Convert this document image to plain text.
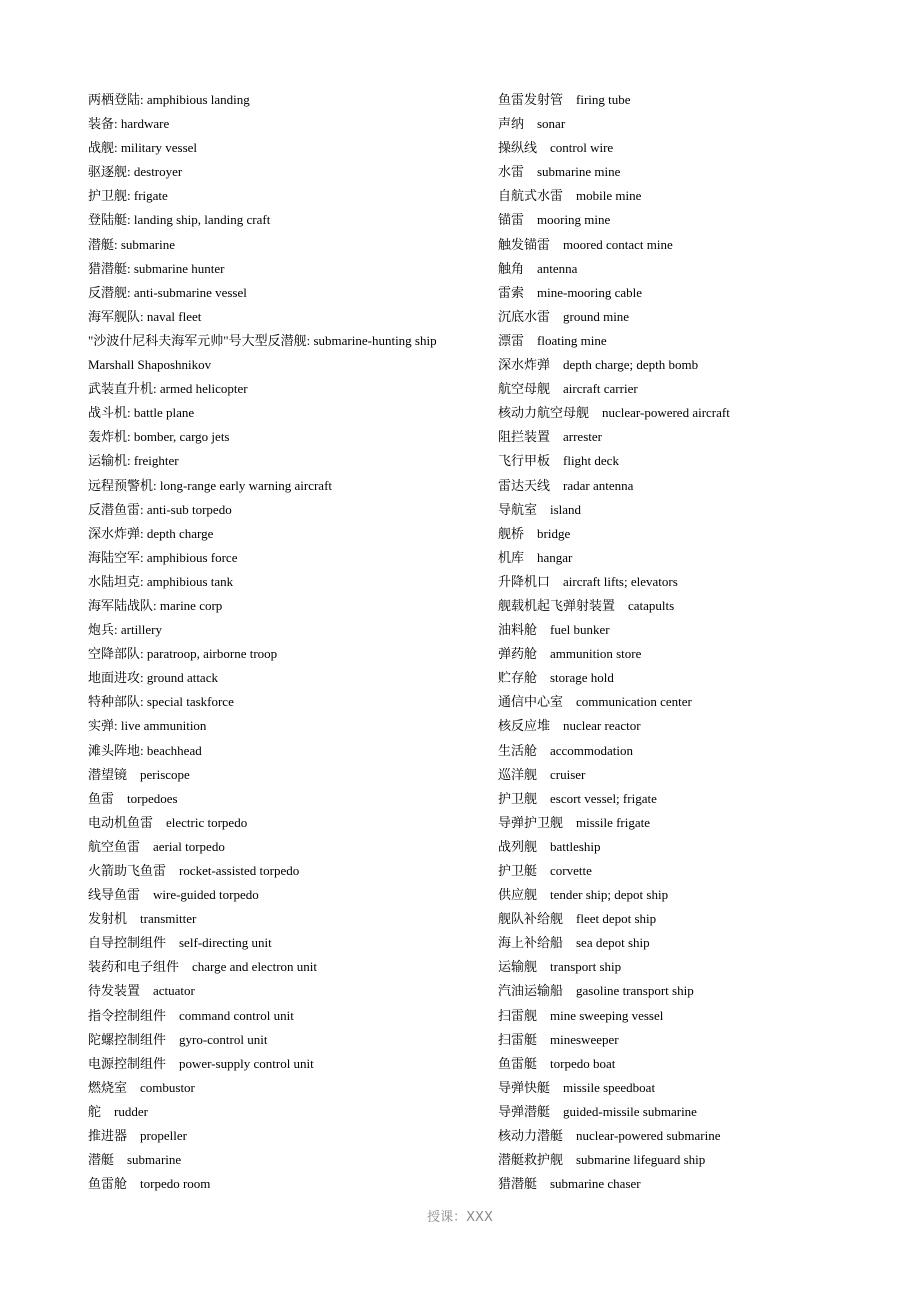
两栖登陆: amphibious landing
装备: hardware
战舰: military vessel
驱逐舰: destroyer
护卫舰: frigate
登陆艇: landing ship, landing craft
潜艇: submarine
猎潜艇: submarine hunter
反潜舰: anti-submarine vessel
海军舰队: naval fleet
"沙波什尼科夫海军元帅"号大型反潜舰: submarine-hunting ship
Marshall Shaposhnikov
武装直升机: armed helicopter
战斗机: battle plane
轰炸机: bomber, cargo jets
运输机: freighter
远程预警机: long-range early warning aircraft
反潜鱼雷: anti-sub torpedo
深水炸弹: depth charge
海陆空军: amphibious force
水陆坦克: amphibious tank
海军陆战队: marine corp
炮兵: artillery
空降部队: paratroop, airborne troop
地面进攻: ground attack
特种部队: special taskforce
实弹: live ammunition
滩头阵地: beachhead
潜望镜    periscope
鱼雷    torpedoes
电动机鱼雷    electric torpedo
航空鱼雷    aerial torpedo
火箭助飞鱼雷    rocket-assisted torpedo
线导鱼雷    wire-guided torpedo
发射机    transmitter
自导控制组件    self-directing unit
装药和电子组件    charge and electron unit
待发装置    actuator
指令控制组件    command control unit
陀螺控制组件    gyro-control unit
电源控制组件    power-supply control unit
燃烧室    combustor
舵    rudder
推进器    propeller
潜艇    submarine
鱼雷舱    torpedo room
鱼雷发射管    firing tube
声纳    sonar
操纵线    control wire
水雷    submarine mine
自航式水雷    mobile mine
锚雷    mooring mine
触发锚雷    moored contact mine
触角    antenna
雷索    mine-mooring cable
沉底水雷    ground mine
漂雷    floating mine
深水炸弹    depth charge; depth bomb
航空母舰    aircraft carrier
核动力航空母舰    nuclear-powered aircraft
阻拦装置    arrester
飞行甲板    flight deck
雷达天线    radar antenna
导航室    island
舰桥    bridge
机库    hangar
升降机口    aircraft lifts; elevators
舰载机起飞弹射装置    catapults
油料舱    fuel bunker
弹药舱    ammunition store
贮存舱    storage hold
通信中心室    communication center
核反应堆    nuclear reactor
生活舱    accommodation
巡洋舰    cruiser
护卫舰    escort vessel; frigate
导弹护卫舰    missile frigate
战列舰    battleship
护卫艇    corvette
供应舰    tender ship; depot ship
舰队补给舰    fleet depot ship
海上补给船    sea depot ship
运输舰    transport ship
汽油运输船    gasoline transport ship
扫雷舰    mine sweeping vessel
扫雷艇    minesweeper
鱼雷艇    torpedo boat
导弹快艇    missile speedboat
导弹潜艇    guided-missile submarine
核动力潜艇    nuclear-powered submarine
潜艇救护舰    submarine lifeguard ship
猎潜艇    submarine chaser
授课：XXX
